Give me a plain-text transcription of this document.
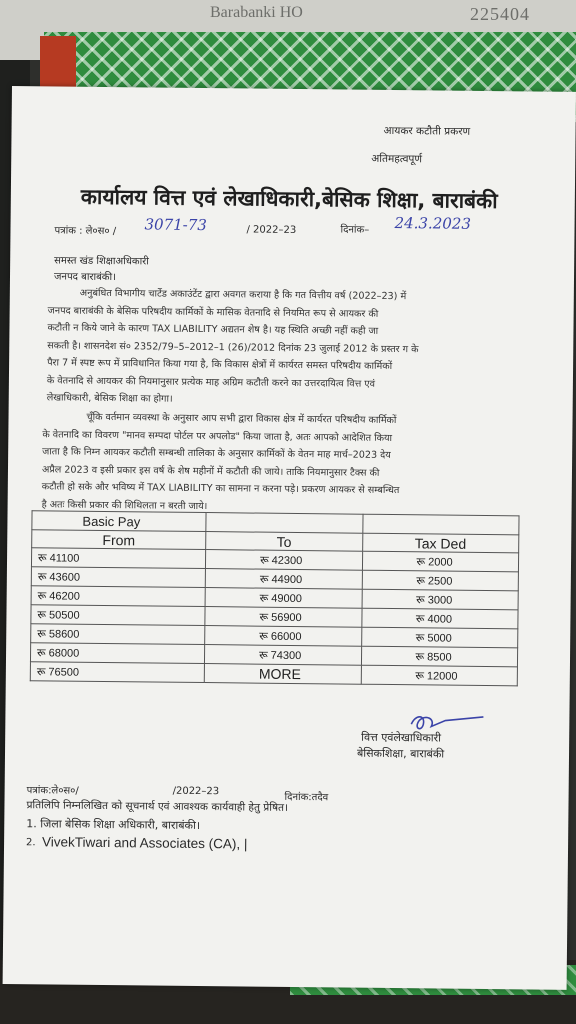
Barabanki HO	225404
आयकर कटौती प्रकरण
अतिमहत्वपूर्ण
कार्यालय वित्त एवं लेखाधिकारी,बेसिक शिक्षा, बाराबंकी
पत्रांक : ले०स० / 3071-73	/ 2022–23	दिनांक– 24.3.2023
समस्त खंड शिक्षाअधिकारी
जनपद बाराबंकी।
अनुबंधित विभागीय चार्टेड अकाउंटेंट द्वारा अवगत कराया है कि गत वित्तीय वर्ष (2022–23) में
जनपद बाराबंकी के बेसिक परिषदीय कार्मिकों के मासिक वेतनादि से नियमित रूप से आयकर की
कटौती न किये जाने के कारण TAX LIABILITY अद्यतन शेष है। यह स्थिति अच्छी नहीं कही जा
सकती है। शासनदेश सं० 2352/79–5–2012–1 (26)/2012 दिनांक 23 जुलाई 2012 के प्रस्तर ग के
पैरा 7 में स्पष्ट रूप में प्राविधानित किया गया है, कि विकास क्षेत्रों में कार्यरत समस्त परिषदीय कार्मिकों
के वेतनादि से आयकर की नियमानुसार प्रत्येक माह अग्रिम कटौती करने का उत्तरदायित्व वित्त एवं
लेखाधिकारी, बेसिक शिक्षा का होगा।
चूँकि वर्तमान व्यवस्था के अनुसार आप सभी द्वारा विकास क्षेत्र में कार्यरत परिषदीय कार्मिकों
के वेतनादि का विवरण "मानव सम्पदा पोर्टल पर अपलोड" किया जाता है, अतः आपको आदेशित किया
जाता है कि निम्न आयकर कटौती सम्बन्धी तालिका के अनुसार कार्मिकों के वेतन माह मार्च–2023 देय
अप्रैल 2023 व इसी प्रकार इस वर्ष के शेष महीनों में कटौती की जाये। ताकि नियमानुसार टैक्स की
कटौती हो सके और भविष्य में TAX LIABILITY का सामना न करना पड़े। प्रकरण आयकर से सम्बन्धित
है अतः किसी प्रकार की शिथिलता न बरती जाये।
Basic Pay		
From	To	Tax Ded
रू 41100	रू 42300	रू 2000
रू 43600	रू 44900	रू 2500
रू 46200	रू 49000	रू 3000
रू 50500	रू 56900	रू 4000
रू 58600	रू 66000	रू 5000
रू 68000	रू 74300	रू 8500
रू 76500	MORE	रू 12000
वित्त एवंलेखाधिकारी
बेसिकशिक्षा, बाराबंकी
पत्रांक:ले०स०/	/2022–23
दिनांक:तदैव
प्रतिलिपि निम्नलिखित को सूचनार्थ एवं आवश्यक कार्यवाही हेतु प्रेषित।
1. जिला बेसिक शिक्षा अधिकारी, बाराबंकी।
2. VivekTiwari and Associates (CA), |
